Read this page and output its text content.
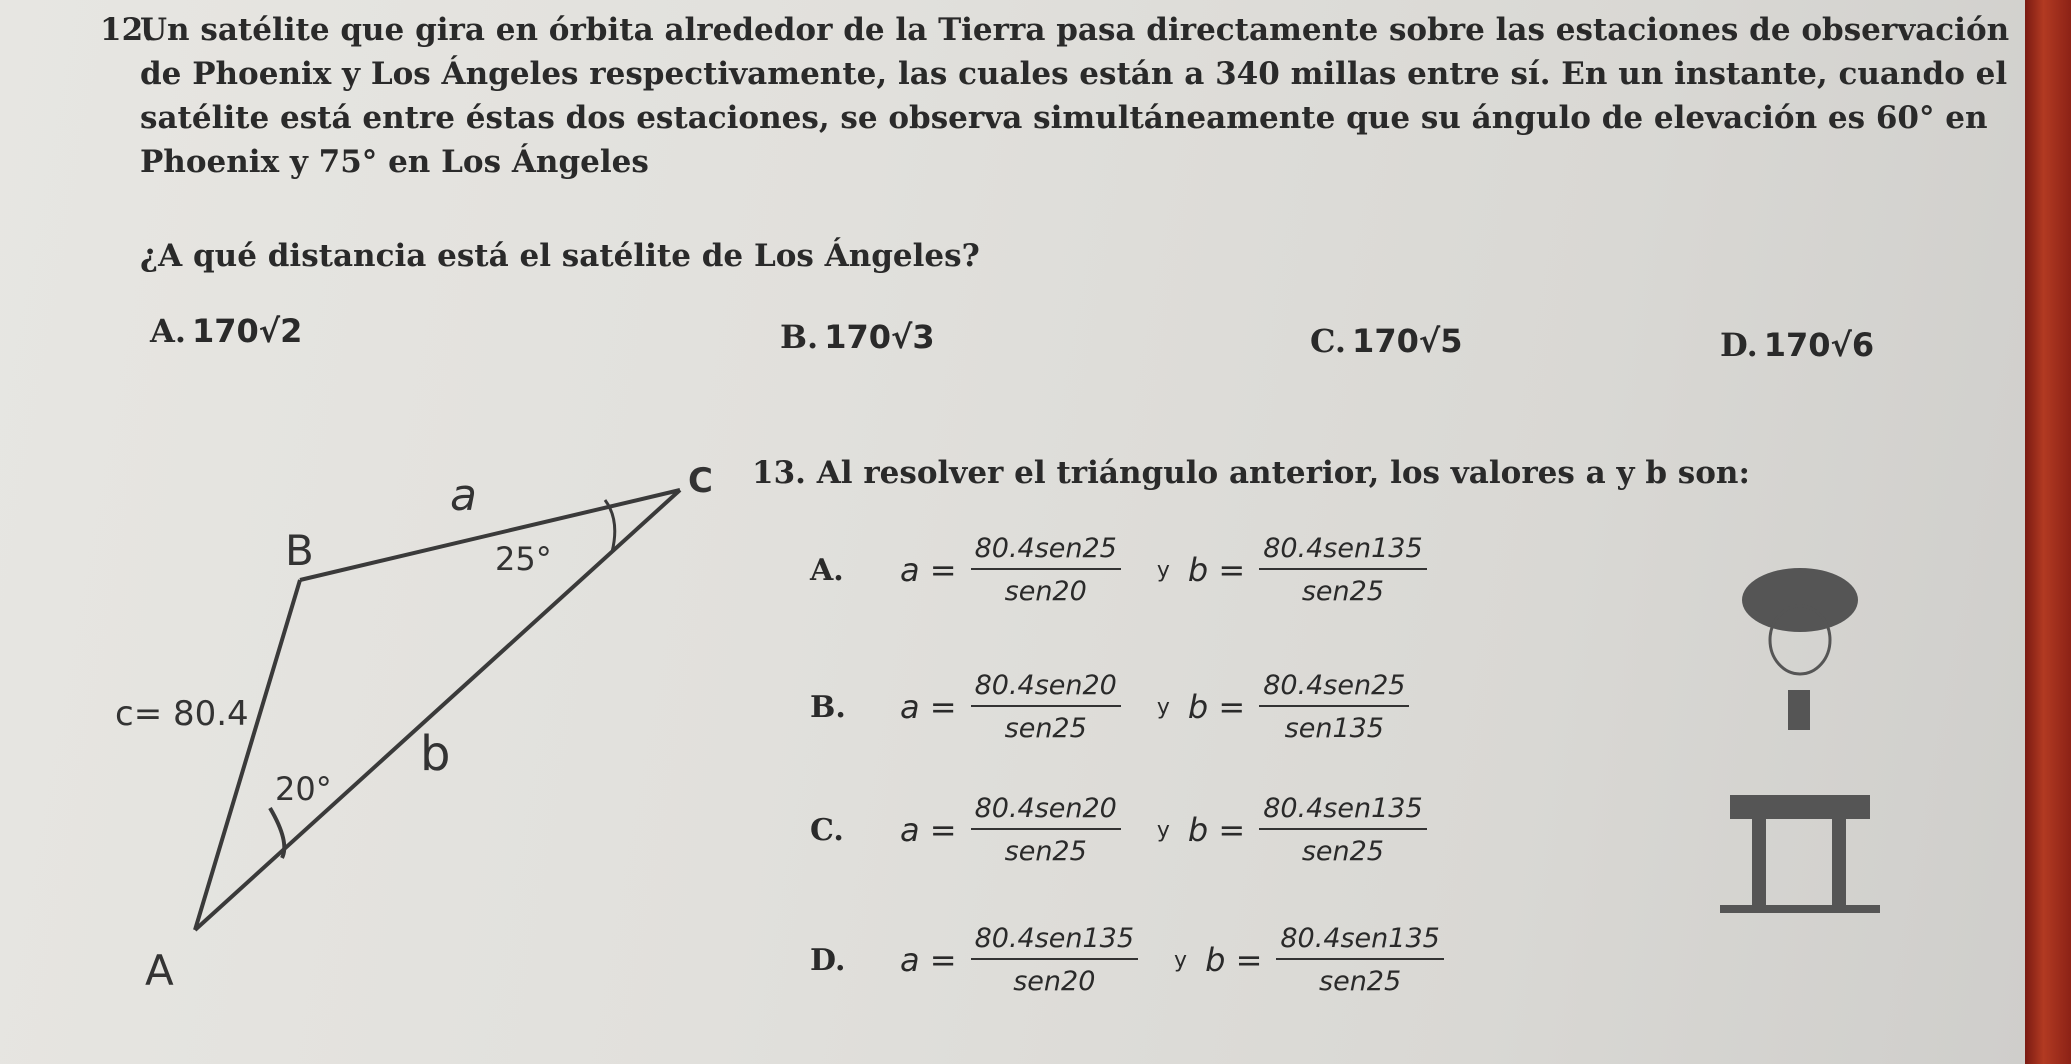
12.
Un satélite que gira en órbita alrededor de la Tierra pasa directamente sobre las estaciones de observación de Phoenix y Los Ángeles respectivamente, las cuales están a 340 millas entre sí. En un instante, cuando el satélite está entre éstas dos estaciones, se observa simultáneamente que su ángulo de elevación es 60° en Phoenix y 75° en Los Ángeles
¿A qué distancia está el satélite de Los Ángeles?
A. 170√2	B. 170√3	C. 170√5	D. 170√6
C
B
A
a
b
c= 80.4
25°
20°
13. Al resolver el triángulo anterior, los valores a y b son:
A.	$a = \frac{\text{80.4sen25}}{\text{sen20}}$ y $b = \frac{\text{80.4sen135}}{\text{sen25}}$
B.	$a = \frac{\text{80.4sen20}}{\text{sen25}}$ y $b = \frac{\text{80.4sen25}}{\text{sen135}}$
C.	$a = \frac{\text{80.4sen20}}{\text{sen25}}$ y $b = \frac{\text{80.4sen135}}{\text{sen25}}$
D.	$a = \frac{\text{80.4sen135}}{\text{sen20}}$ y $b = \frac{\text{80.4sen135}}{\text{sen25}}$
